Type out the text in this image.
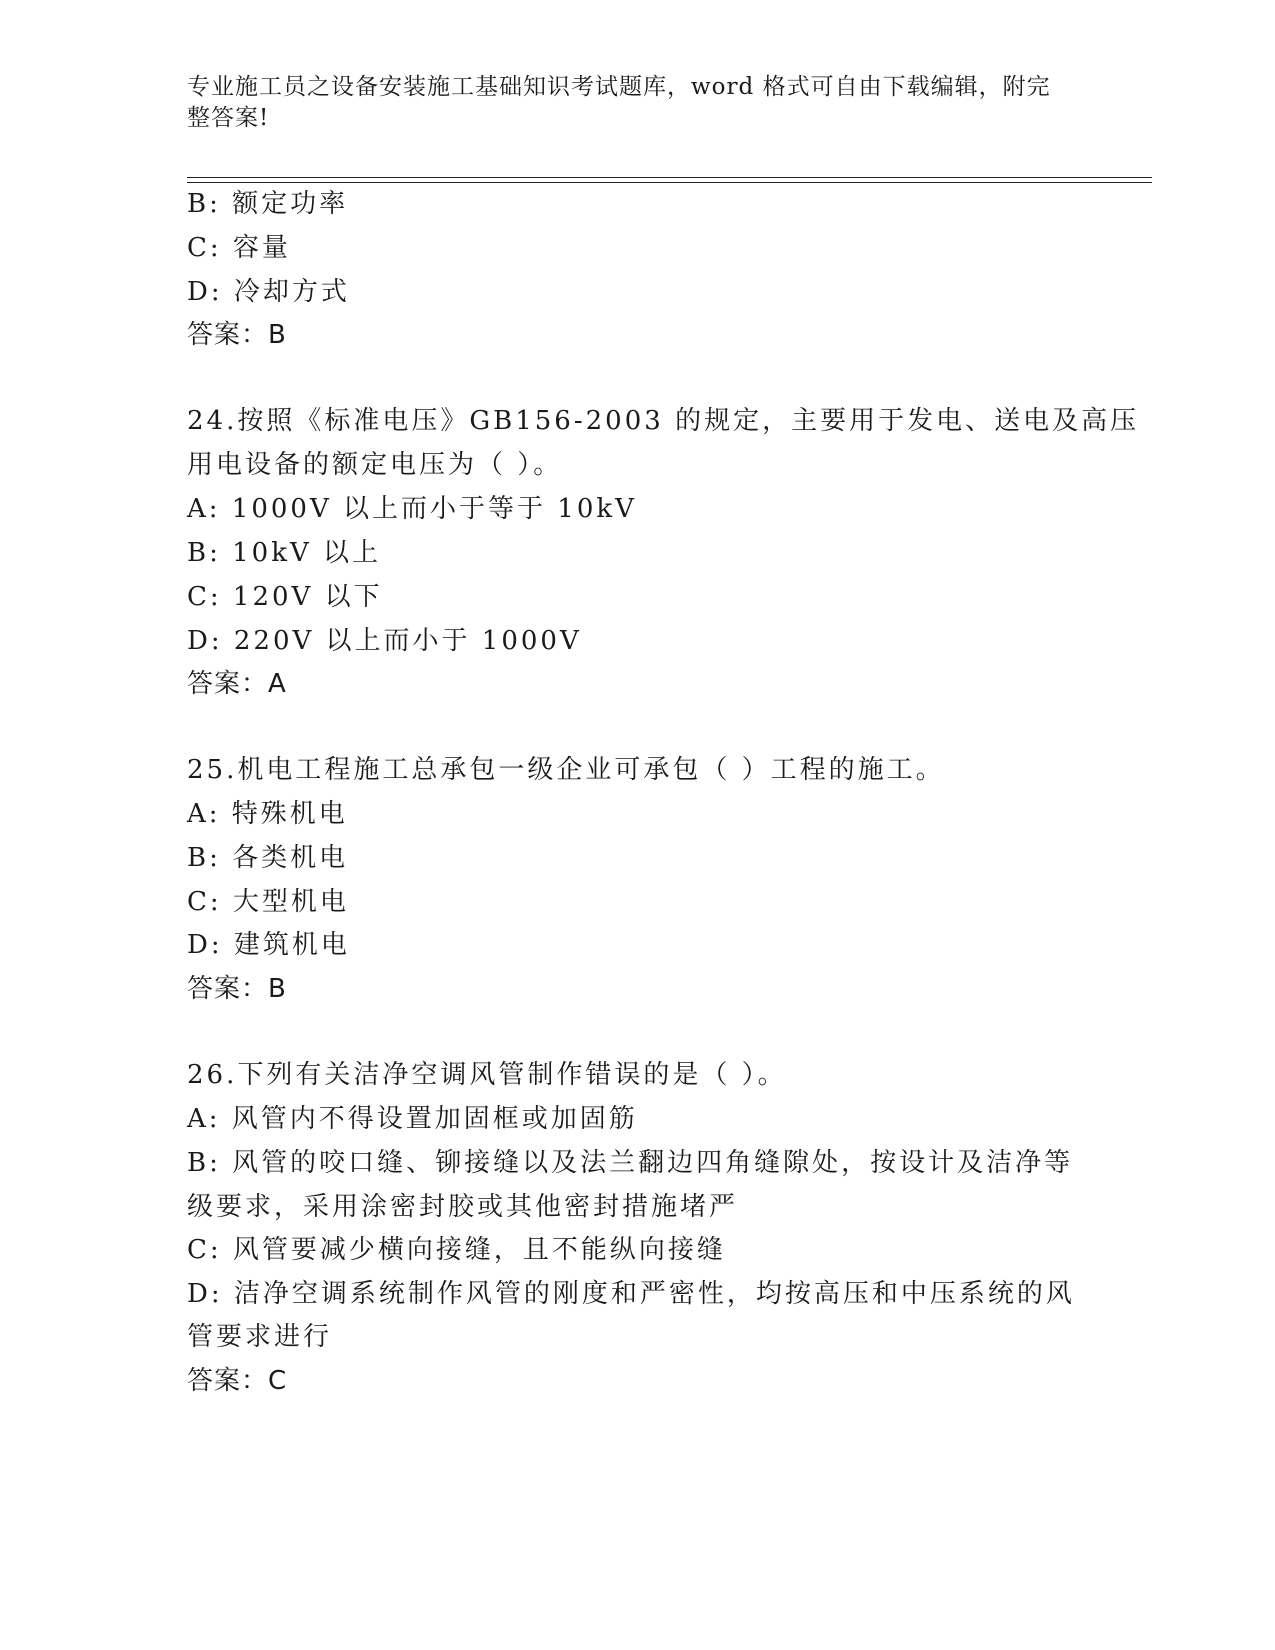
专业施工员之设备安装施工基础知识考试题库，word 格式可自由下载编辑，附完整答案!
B: 额定功率
C: 容量
D: 冷却方式
答案：B
24.按照《标准电压》GB156-2003 的规定，主要用于发电、送电及高压
用电设备的额定电压为（ ）。
A: 1000V 以上而小于等于 10kV
B: 10kV 以上
C: 120V 以下
D: 220V 以上而小于 1000V
答案：A
25.机电工程施工总承包一级企业可承包（ ）工程的施工。
A: 特殊机电
B: 各类机电
C: 大型机电
D: 建筑机电
答案：B
26.下列有关洁净空调风管制作错误的是（ ）。
A: 风管内不得设置加固框或加固筋
B: 风管的咬口缝、铆接缝以及法兰翻边四角缝隙处，按设计及洁净等
级要求，采用涂密封胶或其他密封措施堵严
C: 风管要减少横向接缝，且不能纵向接缝
D: 洁净空调系统制作风管的刚度和严密性，均按高压和中压系统的风
管要求进行
答案：C
